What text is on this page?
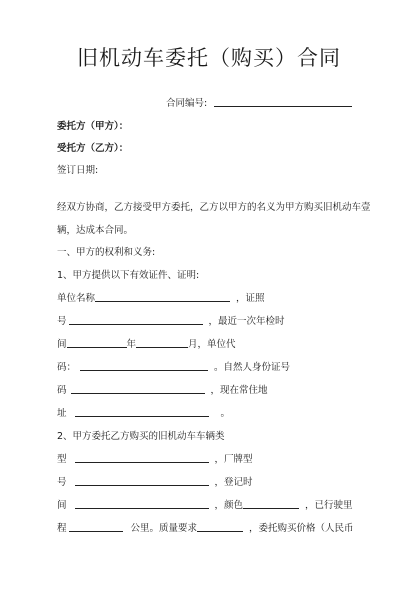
旧机动车委托（购买）合同
合同编号:
委托方（甲方）：
受托方（乙方）：
签订日期:
经双方协商，乙方接受甲方委托，乙方以甲方的名义为甲方购买旧机动车壹
辆，达成本合同。
一、甲方的权利和义务:
1、甲方提供以下有效证件、证明:
单位名称	，证照
号	，最近一次年检时
间	年	月，单位代
码：	。自然人身份证号
码	，现在常住地
址	。
2、甲方委托乙方购买的旧机动车车辆类
型	，厂牌型
号	，登记时
间	，颜色	，已行驶里
程	公里。质量要求	，委托购买价格（人民币
